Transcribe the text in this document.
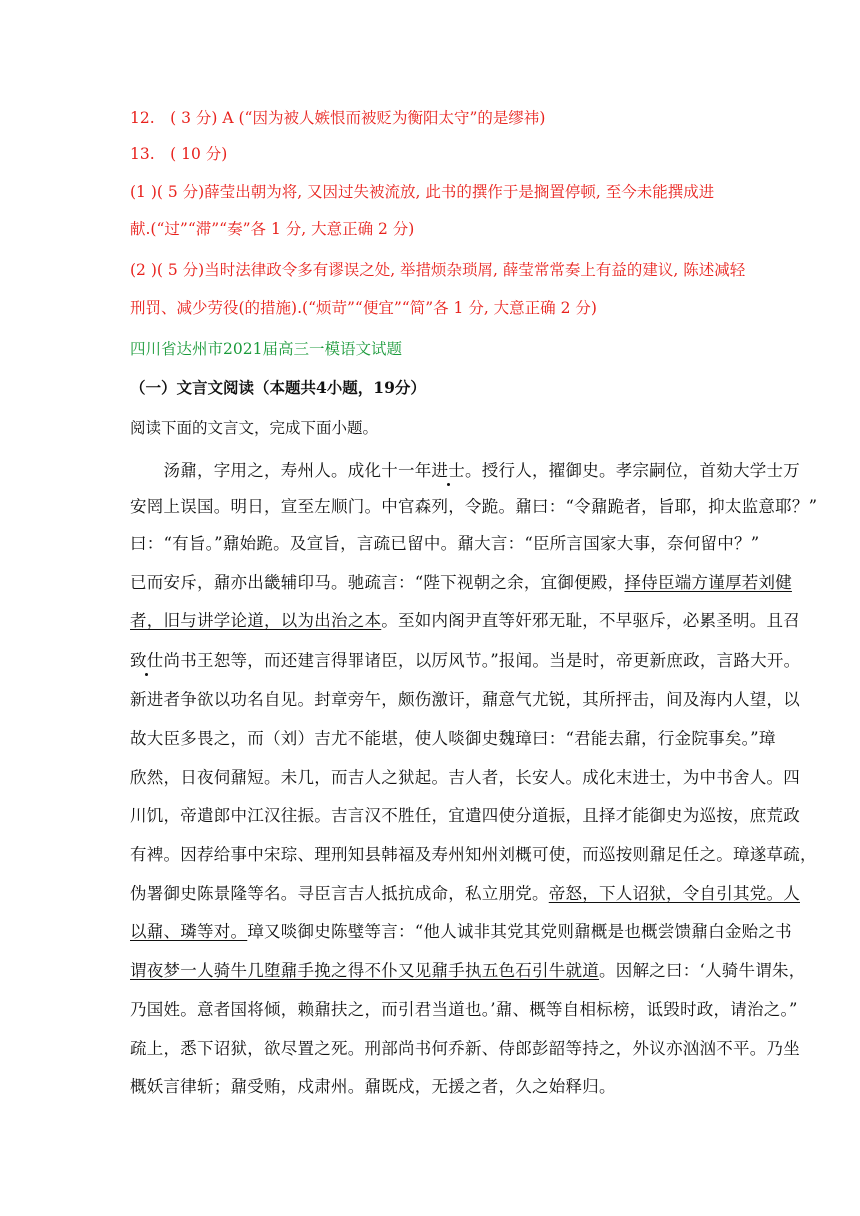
12.　( 3 分) A (“因为被人嫉恨而被贬为衡阳太守”的是缪祎)
13.　( 10 分)
(1 )( 5 分)薛莹出朝为将, 又因过失被流放, 此书的撰作于是搁置停顿, 至今未能撰成进
献.(“过”“滞”“奏”各 1 分, 大意正确 2 分)
(2 )( 5 分)当时法律政令多有谬误之处, 举措烦杂琐屑, 薛莹常常奏上有益的建议, 陈述减轻
刑罚、减少劳役(的措施).(“烦苛”“便宜”“简”各 1 分, 大意正确 2 分)
四川省达州市2021届高三一模语文试题
（一）文言文阅读（本题共4小题，19分）
阅读下面的文言文，完成下面小题。
　　汤鼐，字用之，寿州人。成化十一年进士。授行人，擢御史。孝宗嗣位，首劾大学士万
安罔上误国。明日，宣至左顺门。中官森列，令跪。鼐曰：“令鼐跪者，旨耶，抑太监意耶？”
曰：“有旨。”鼐始跪。及宣旨，言疏已留中。鼐大言：“臣所言国家大事，奈何留中？”
已而安斥，鼐亦出畿辅印马。驰疏言：“陛下视朝之余，宜御便殿，择侍臣端方谨厚若刘健
者，旧与讲学论道，以为出治之本。至如内阁尹直等奸邪无耻，不早驱斥，必累圣明。且召
致仕尚书王恕等，而还建言得罪诸臣，以厉风节。”报闻。当是时，帝更新庶政，言路大开。
新进者争欲以功名自见。封章旁午，颇伤激讦，鼐意气尤锐，其所抨击，间及海内人望，以
故大臣多畏之，而（刘）吉尤不能堪，使人啖御史魏璋曰：“君能去鼐，行金院事矣。”璋
欣然，日夜伺鼐短。未几，而吉人之狱起。吉人者，长安人。成化末进士，为中书舍人。四
川饥，帝遣郎中江汉往振。吉言汉不胜任，宜遣四使分道振，且择才能御史为巡按，庶荒政
有裨。因荐给事中宋琮、理刑知县韩福及寿州知州刘概可使，而巡按则鼐足任之。璋遂草疏，
伪署御史陈景隆等名。寻臣言吉人抵抗成命，私立朋党。帝怒，下人诏狱，令自引其党。人
以鼐、璘等对。璋又啖御史陈璧等言：“他人诚非其党其党则鼐概是也概尝馈鼐白金贻之书
谓夜梦一人骑牛几堕鼐手挽之得不仆又见鼐手执五色石引牛就道。因解之曰：‘人骑牛谓朱，
乃国姓。意者国将倾，赖鼐扶之，而引君当道也。’鼐、概等自相标榜，诋毁时政，请治之。”
疏上，悉下诏狱，欲尽置之死。刑部尚书何乔新、侍郎彭韶等持之，外议亦汹汹不平。乃坐
概妖言律斩；鼐受贿，戍肃州。鼐既戍，无援之者，久之始释归。
